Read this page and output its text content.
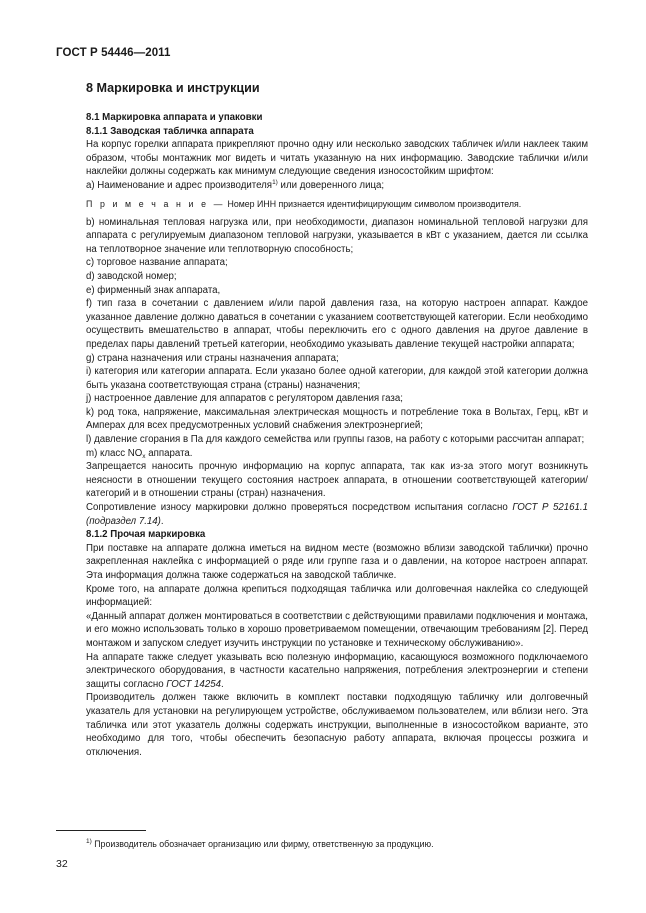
ГОСТ Р 54446—2011

8 Маркировка и инструкции

8.1 Маркировка аппарата и упаковки

8.1.1 Заводская табличка аппарата

На корпус горелки аппарата прикрепляют прочно одну или несколько заводских табличек и/или наклеек таким образом, чтобы монтажник мог видеть и читать указанную на них информацию. Заводские таблички и/или наклейки должны содержать как минимум следующие сведения износостойким шрифтом:

а) Наименование и адрес производителя$^{1)}$ или доверенного лица;

П р и м е ч а н и е — Номер ИНН признается идентифицирующим символом производителя.

b) номинальная тепловая нагрузка или, при необходимости, диапазон номинальной тепловой нагрузки для аппарата с регулируемым диапазоном тепловой нагрузки, указывается в кВт с указанием, дается ли ссылка на теплотворное значение или теплотворную способность;

c) торговое название аппарата;

d) заводской номер;

e) фирменный знак аппарата,

f) тип газа в сочетании с давлением и/или парой давления газа, на которую настроен аппарат. Каждое указанное давление должно даваться в сочетании с указанием соответствующей категории. Если необходимо осуществить вмешательство в аппарат, чтобы переключить его с одного давления на другое давление в пределах пары давлений третьей категории, необходимо указывать давление текущей настройки аппарата;

g) страна назначения или страны назначения аппарата;

i) категория или категории аппарата. Если указано более одной категории, для каждой этой категории должна быть указана соответствующая страна (страны) назначения;

j) настроенное давление для аппаратов с регулятором давления газа;

k) род тока, напряжение, максимальная электрическая мощность и потребление тока в Вольтах, Герц, кВт и Амперах для всех предусмотренных условий снабжения электроэнергией;

l) давление сгорания в Па для каждого семейства или группы газов, на работу с которыми рассчитан аппарат;

m) класс $NO_x$ аппарата.

Запрещается наносить прочную информацию на корпус аппарата, так как из-за этого могут возникнуть неясности в отношении текущего состояния настроек аппарата, в отношении соответствующей категории/категорий и в отношении страны (стран) назначения.

Сопротивление износу маркировки должно проверяться посредством испытания согласно ГОСТ Р 52161.1 (подраздел 7.14).

8.1.2 Прочая маркировка

При поставке на аппарате должна иметься на видном месте (возможно вблизи заводской таблички) прочно закрепленная наклейка с информацией о ряде или группе газа и о давлении, на которое настроен аппарат. Эта информация должна также содержаться на заводской табличке.

Кроме того, на аппарате должна крепиться подходящая табличка или долговечная наклейка со следующей информацией:

«Данный аппарат должен монтироваться в соответствии с действующими правилами подключения и монтажа, и его можно использовать только в хорошо проветриваемом помещении, отвечающим требованиям [2]. Перед монтажом и запуском следует изучить инструкции по установке и техническому обслуживанию».

На аппарате также следует указывать всю полезную информацию, касающуюся возможного подключаемого электрического оборудования, в частности касательно напряжения, потребления электроэнергии и степени защиты согласно ГОСТ 14254.

Производитель должен также включить в комплект поставки подходящую табличку или долговечный указатель для установки на регулирующем устройстве, обслуживаемом пользователем, или вблизи него. Эта табличка или этот указатель должны содержать инструкции, выполненные в износостойком варианте, это необходимо для того, чтобы обеспечить безопасную работу аппарата, включая процессы розжига и отключения.

$^{1)}$ Производитель обозначает организацию или фирму, ответственную за продукцию.
32
